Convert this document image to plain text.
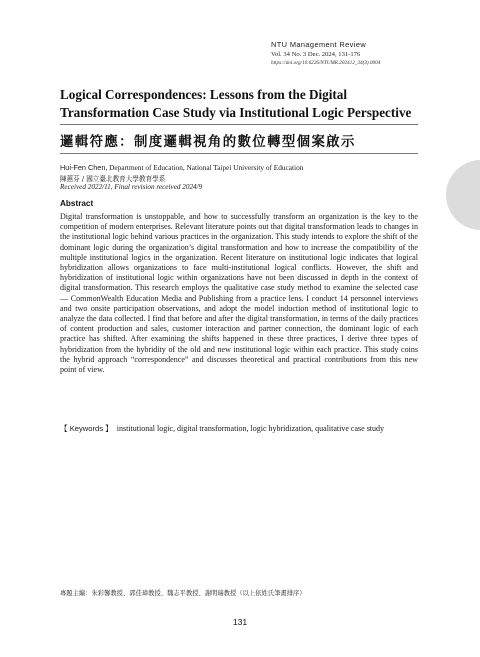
NTU Management Review
Vol. 34 No. 3 Dec. 2024, 131-176
https://doi.org/10.6226/NTUMR.202412_34(3).0004
Logical Correspondences: Lessons from the Digital Transformation Case Study via Institutional Logic Perspective
邏輯符應：制度邏輯視角的數位轉型個案啟示
Hui-Fen Chen, Department of Education, National Taipei University of Education
陳蕙芬 / 國立臺北教育大學教育學系
Received 2022/11, Final revision received 2024/9
Abstract
Digital transformation is unstoppable, and how to successfully transform an organization is the key to the competition of modern enterprises. Relevant literature points out that digital transformation leads to changes in the institutional logic behind various practices in the organization. This study intends to explore the shift of the dominant logic during the organization’s digital transformation and how to increase the compatibility of the multiple institutional logics in the organization. Recent literature on institutional logic indicates that logical hybridization allows organizations to face multi-institutional logical conflicts. However, the shift and hybridization of institutional logic within organizations have not been discussed in depth in the context of digital transformation. This research employs the qualitative case study method to examine the selected case — CommonWealth Education Media and Publishing from a practice lens. I conduct 14 personnel interviews and two onsite participation observations, and adopt the model induction method of institutional logic to analyze the data collected. I find that before and after the digital transformation, in terms of the daily practices of content production and sales, customer interaction and partner connection, the dominant logic of each practice has shifted. After examining the shifts happened in these three practices, I derive three types of hybridization from the hybridity of the old and new institutional logic within each practice. This study coins the hybrid approach “correspondence” and discusses theoretical and practical contributions from this new point of view.
【 Keywords 】 institutional logic, digital transformation, logic hybridization, qualitative case study
專題主編：朱彩馨教授、郭佳瑋教授、魏志平教授、謝明瑞教授（以上依姓氏筆畫排序）
131
